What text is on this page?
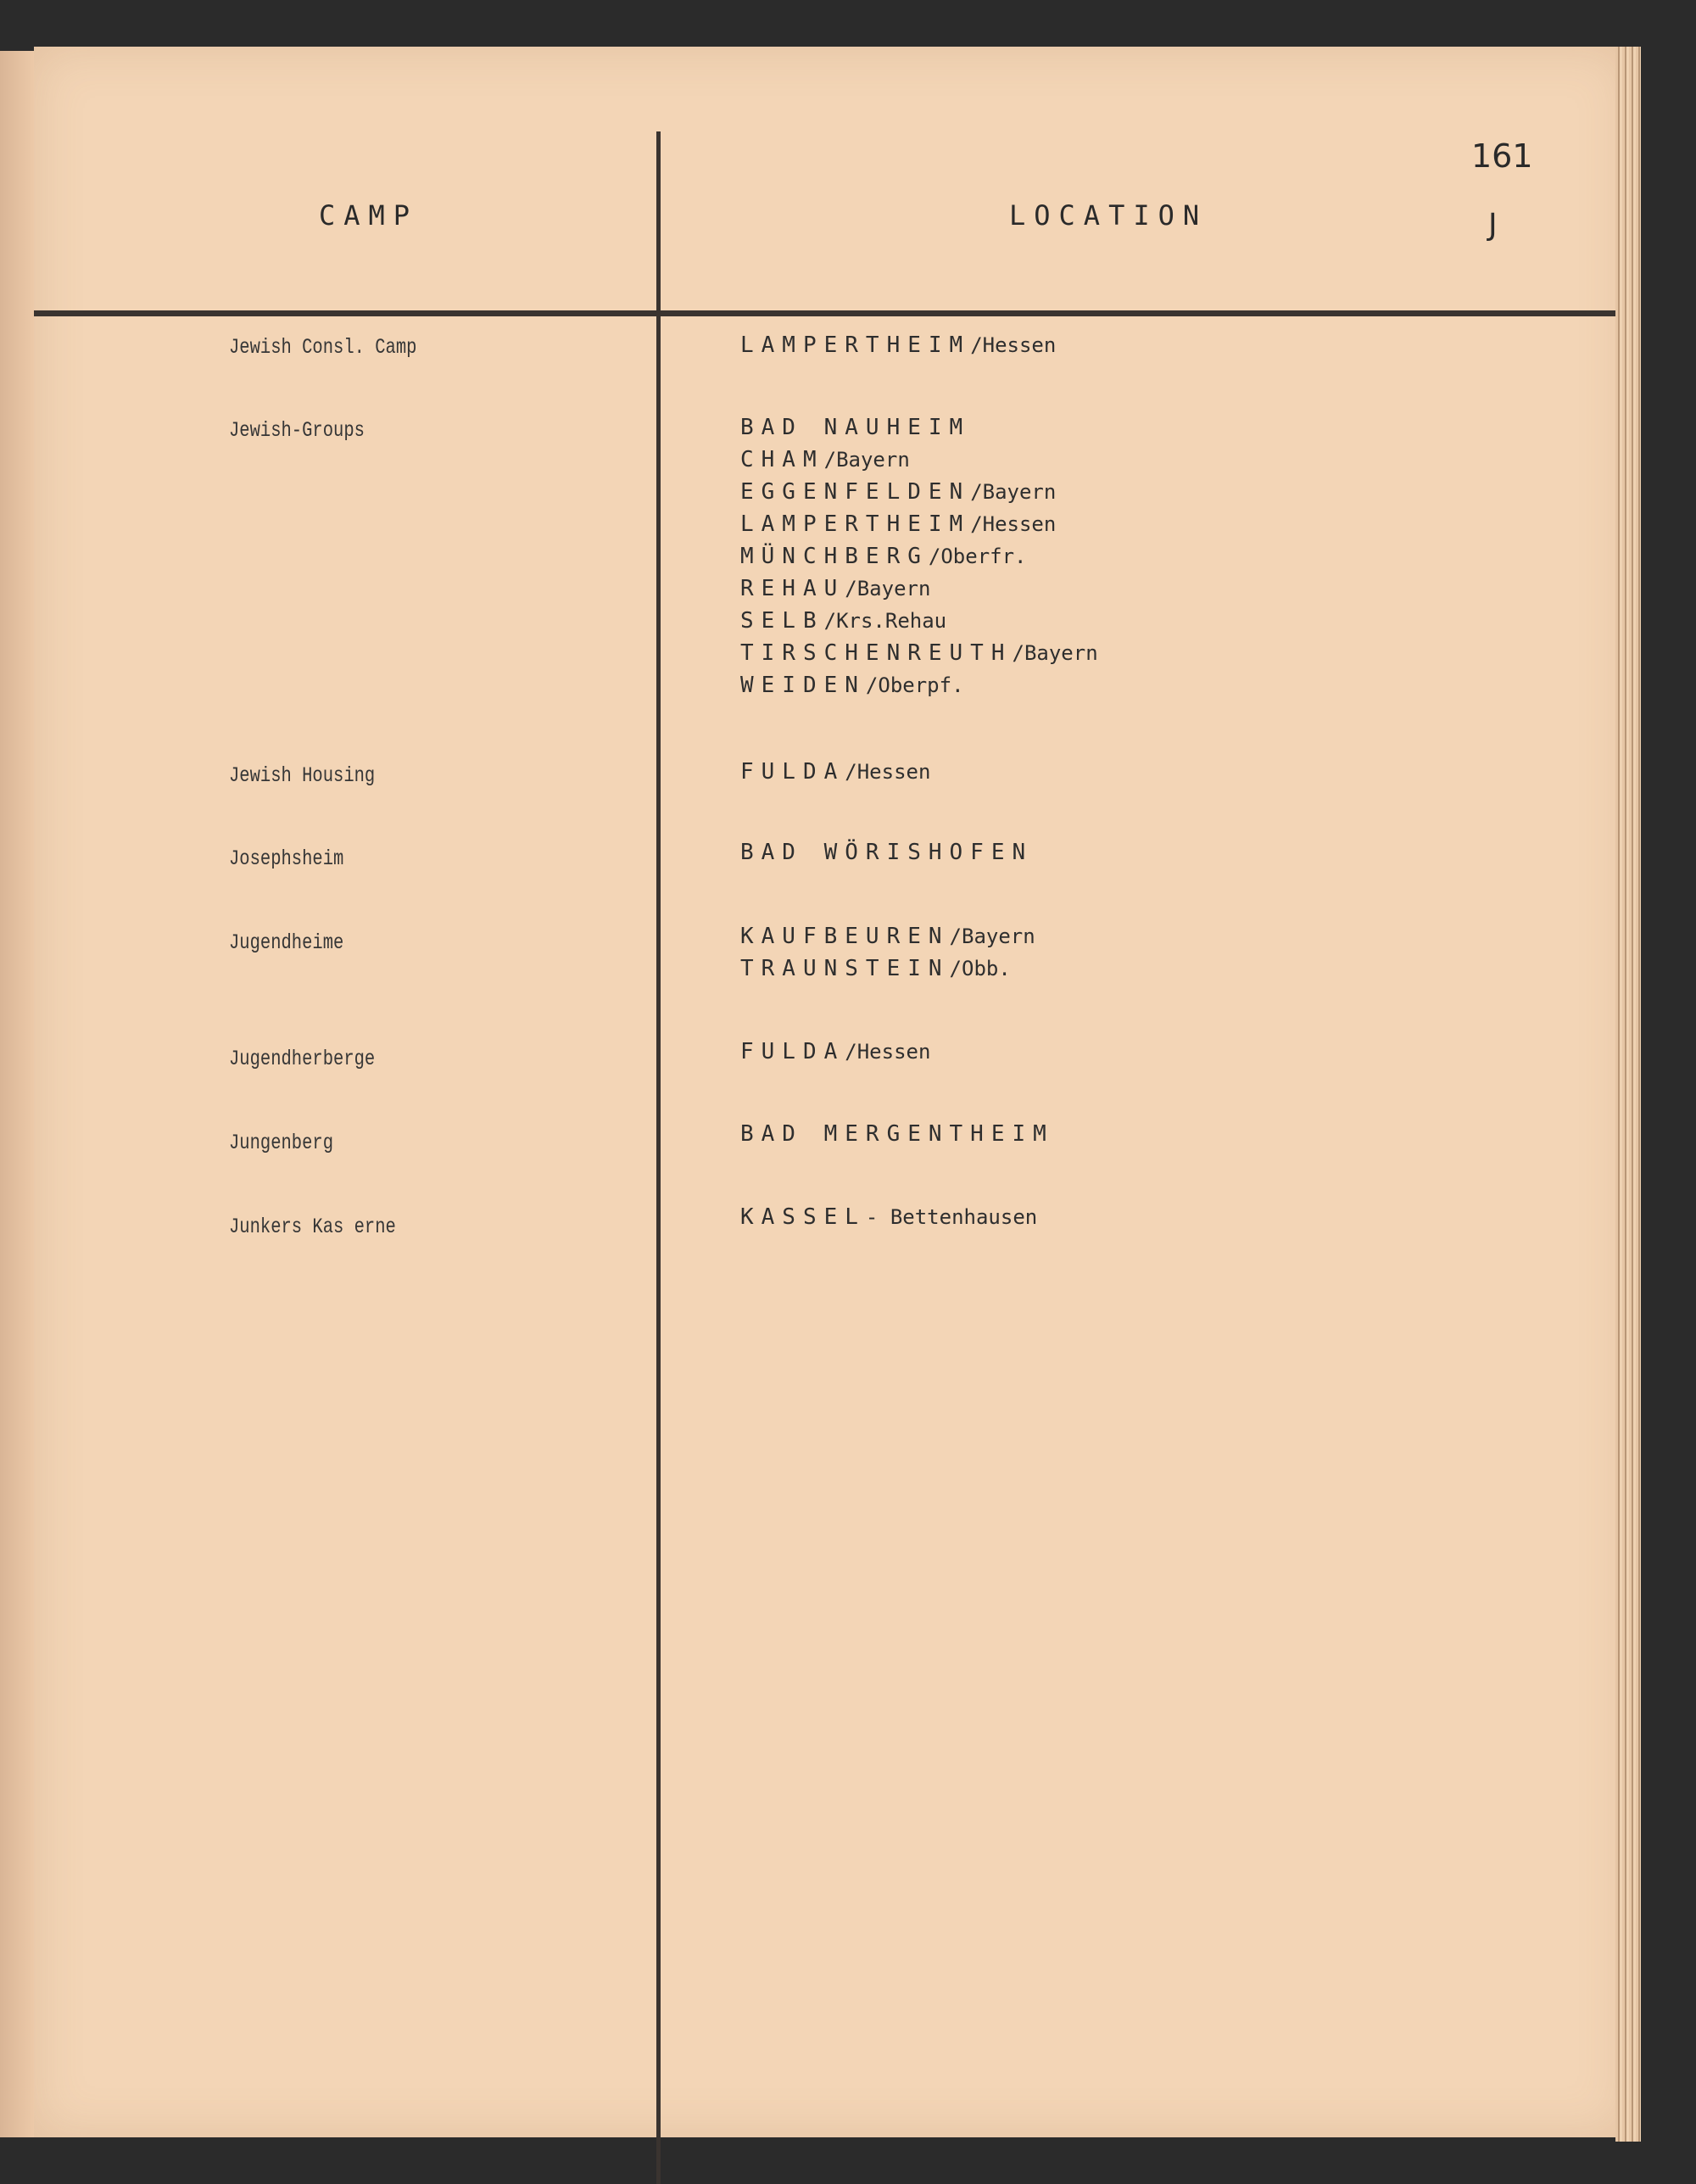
CAMP	LOCATION
161
J
Jewish Consl. Camp	LAMPERTHEIM/Hessen
Jewish-Groups	BAD NAUHEIM
CHAM/Bayern
EGGENFELDEN/Bayern
LAMPERTHEIM/Hessen
MÜNCHBERG/Oberfr.
REHAU/Bayern
SELB/Krs.Rehau
TIRSCHENREUTH/Bayern
WEIDEN/Oberpf.
Jewish Housing	FULDA/Hessen
Josephsheim	BAD WÖRISHOFEN
Jugendheime	KAUFBEUREN/Bayern
TRAUNSTEIN/Obb.
Jugendherberge	FULDA/Hessen
Jungenberg	BAD MERGENTHEIM
Junkers Kas erne	KASSEL- Bettenhausen
